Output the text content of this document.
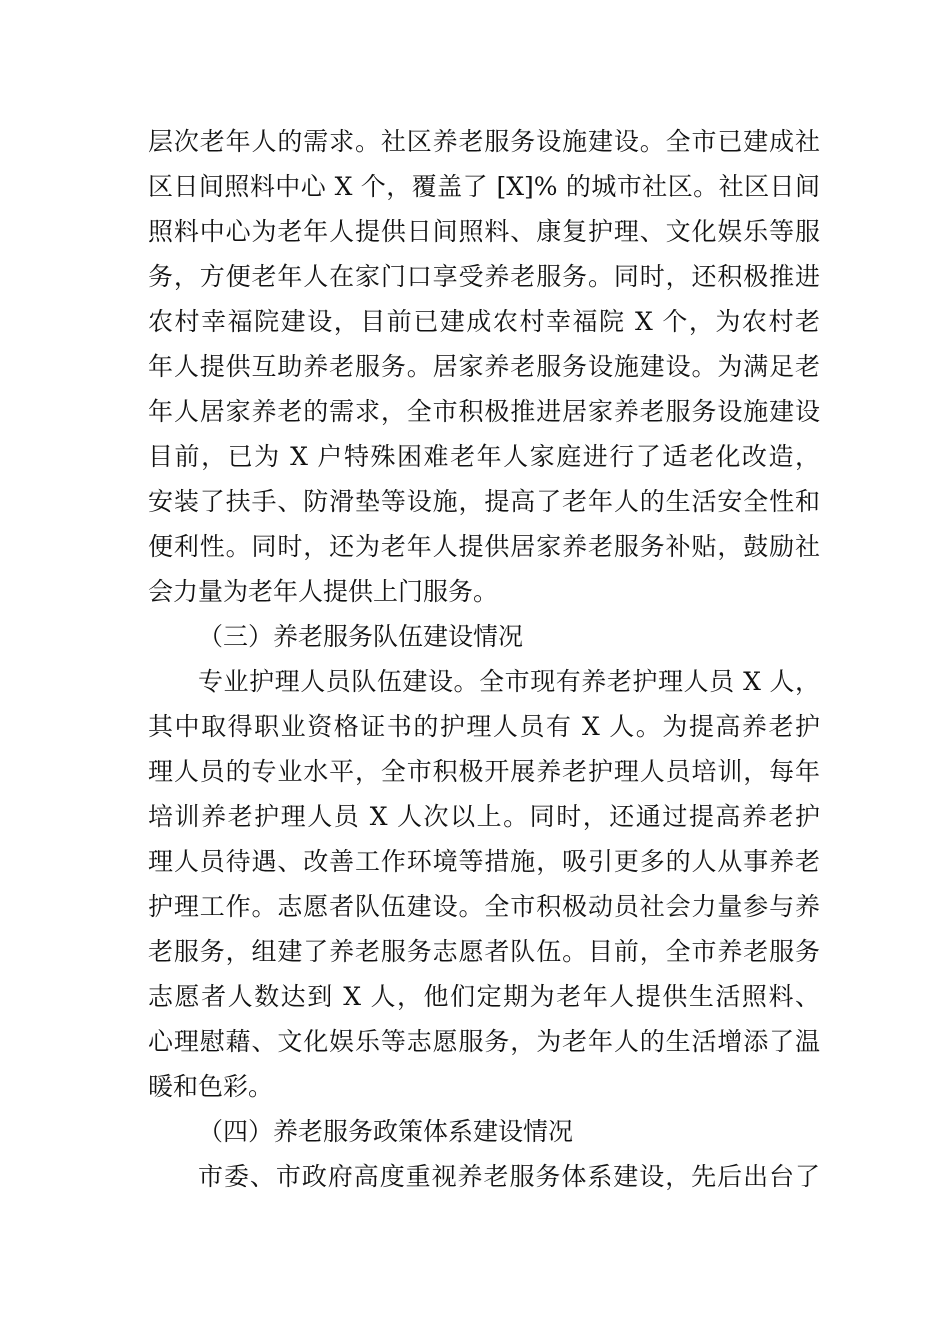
层次老年人的需求。社区养老服务设施建设。全市已建成社
区日间照料中心 X 个，覆盖了 [X]% 的城市社区。社区日间
照料中心为老年人提供日间照料、康复护理、文化娱乐等服
务，方便老年人在家门口享受养老服务。同时，还积极推进
农村幸福院建设，目前已建成农村幸福院 X 个，为农村老
年人提供互助养老服务。居家养老服务设施建设。为满足老
年人居家养老的需求，全市积极推进居家养老服务设施建设
目前，已为 X 户特殊困难老年人家庭进行了适老化改造，
安装了扶手、防滑垫等设施，提高了老年人的生活安全性和
便利性。同时，还为老年人提供居家养老服务补贴，鼓励社
会力量为老年人提供上门服务。
（三）养老服务队伍建设情况
专业护理人员队伍建设。全市现有养老护理人员 X 人，
其中取得职业资格证书的护理人员有 X 人。为提高养老护
理人员的专业水平，全市积极开展养老护理人员培训，每年
培训养老护理人员 X 人次以上。同时，还通过提高养老护
理人员待遇、改善工作环境等措施，吸引更多的人从事养老
护理工作。志愿者队伍建设。全市积极动员社会力量参与养
老服务，组建了养老服务志愿者队伍。目前，全市养老服务
志愿者人数达到 X 人，他们定期为老年人提供生活照料、
心理慰藉、文化娱乐等志愿服务，为老年人的生活增添了温
暖和色彩。
（四）养老服务政策体系建设情况
市委、市政府高度重视养老服务体系建设，先后出台了
